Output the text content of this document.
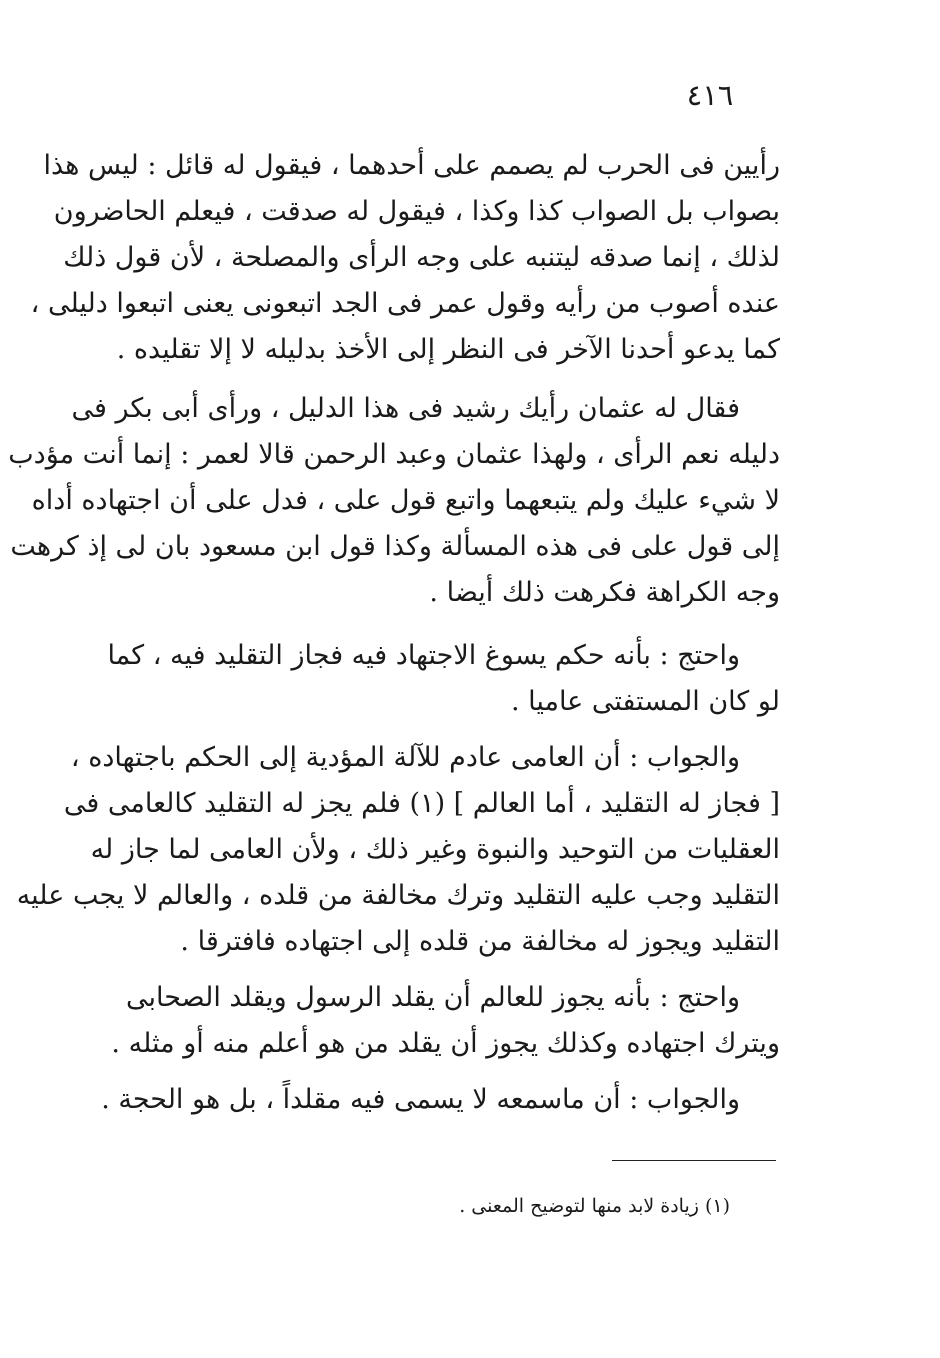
٤١٦
رأيين فى الحرب لم يصمم على أحدهما ، فيقول له قائل : ليس هذا
بصواب بل الصواب كذا وكذا ، فيقول له صدقت ، فيعلم الحاضرون
لذلك ، إنما صدقه ليتنبه على وجه الرأى والمصلحة ، لأن قول ذلك
عنده أصوب من رأيه وقول عمر فى الجد اتبعونى يعنى اتبعوا دليلى ،
كما يدعو أحدنا الآخر فى النظر إلى الأخذ بدليله لا إلا تقليده .
فقال له عثمان رأيك رشيد فى هذا الدليل ، ورأى أبى بكر فى
دليله نعم الرأى ، ولهذا عثمان وعبد الرحمن قالا لعمر : إنما أنت مؤدب
لا شيء عليك ولم يتبعهما واتبع قول على ، فدل على أن اجتهاده أداه
إلى قول على فى هذه المسألة وكذا قول ابن مسعود بان لى إذ كرهت
وجه الكراهة فكرهت ذلك أيضا .
واحتج : بأنه حكم يسوغ الاجتهاد فيه فجاز التقليد فيه ، كما
لو كان المستفتى عاميا .
والجواب : أن العامى عادم للآلة المؤدية إلى الحكم باجتهاده ،
[ فجاز له التقليد ، أما العالم ] (١) فلم يجز له التقليد كالعامى فى
العقليات من التوحيد والنبوة وغير ذلك ، ولأن العامى لما جاز له
التقليد وجب عليه التقليد وترك مخالفة من قلده ، والعالم لا يجب عليه
التقليد ويجوز له مخالفة من قلده إلى اجتهاده فافترقا .
واحتج : بأنه يجوز للعالم أن يقلد الرسول ويقلد الصحابى
ويترك اجتهاده وكذلك يجوز أن يقلد من هو أعلم منه أو مثله .
والجواب : أن ماسمعه لا يسمى فيه مقلداً ، بل هو الحجة .
(١) زيادة لابد منها لتوضيح المعنى .
